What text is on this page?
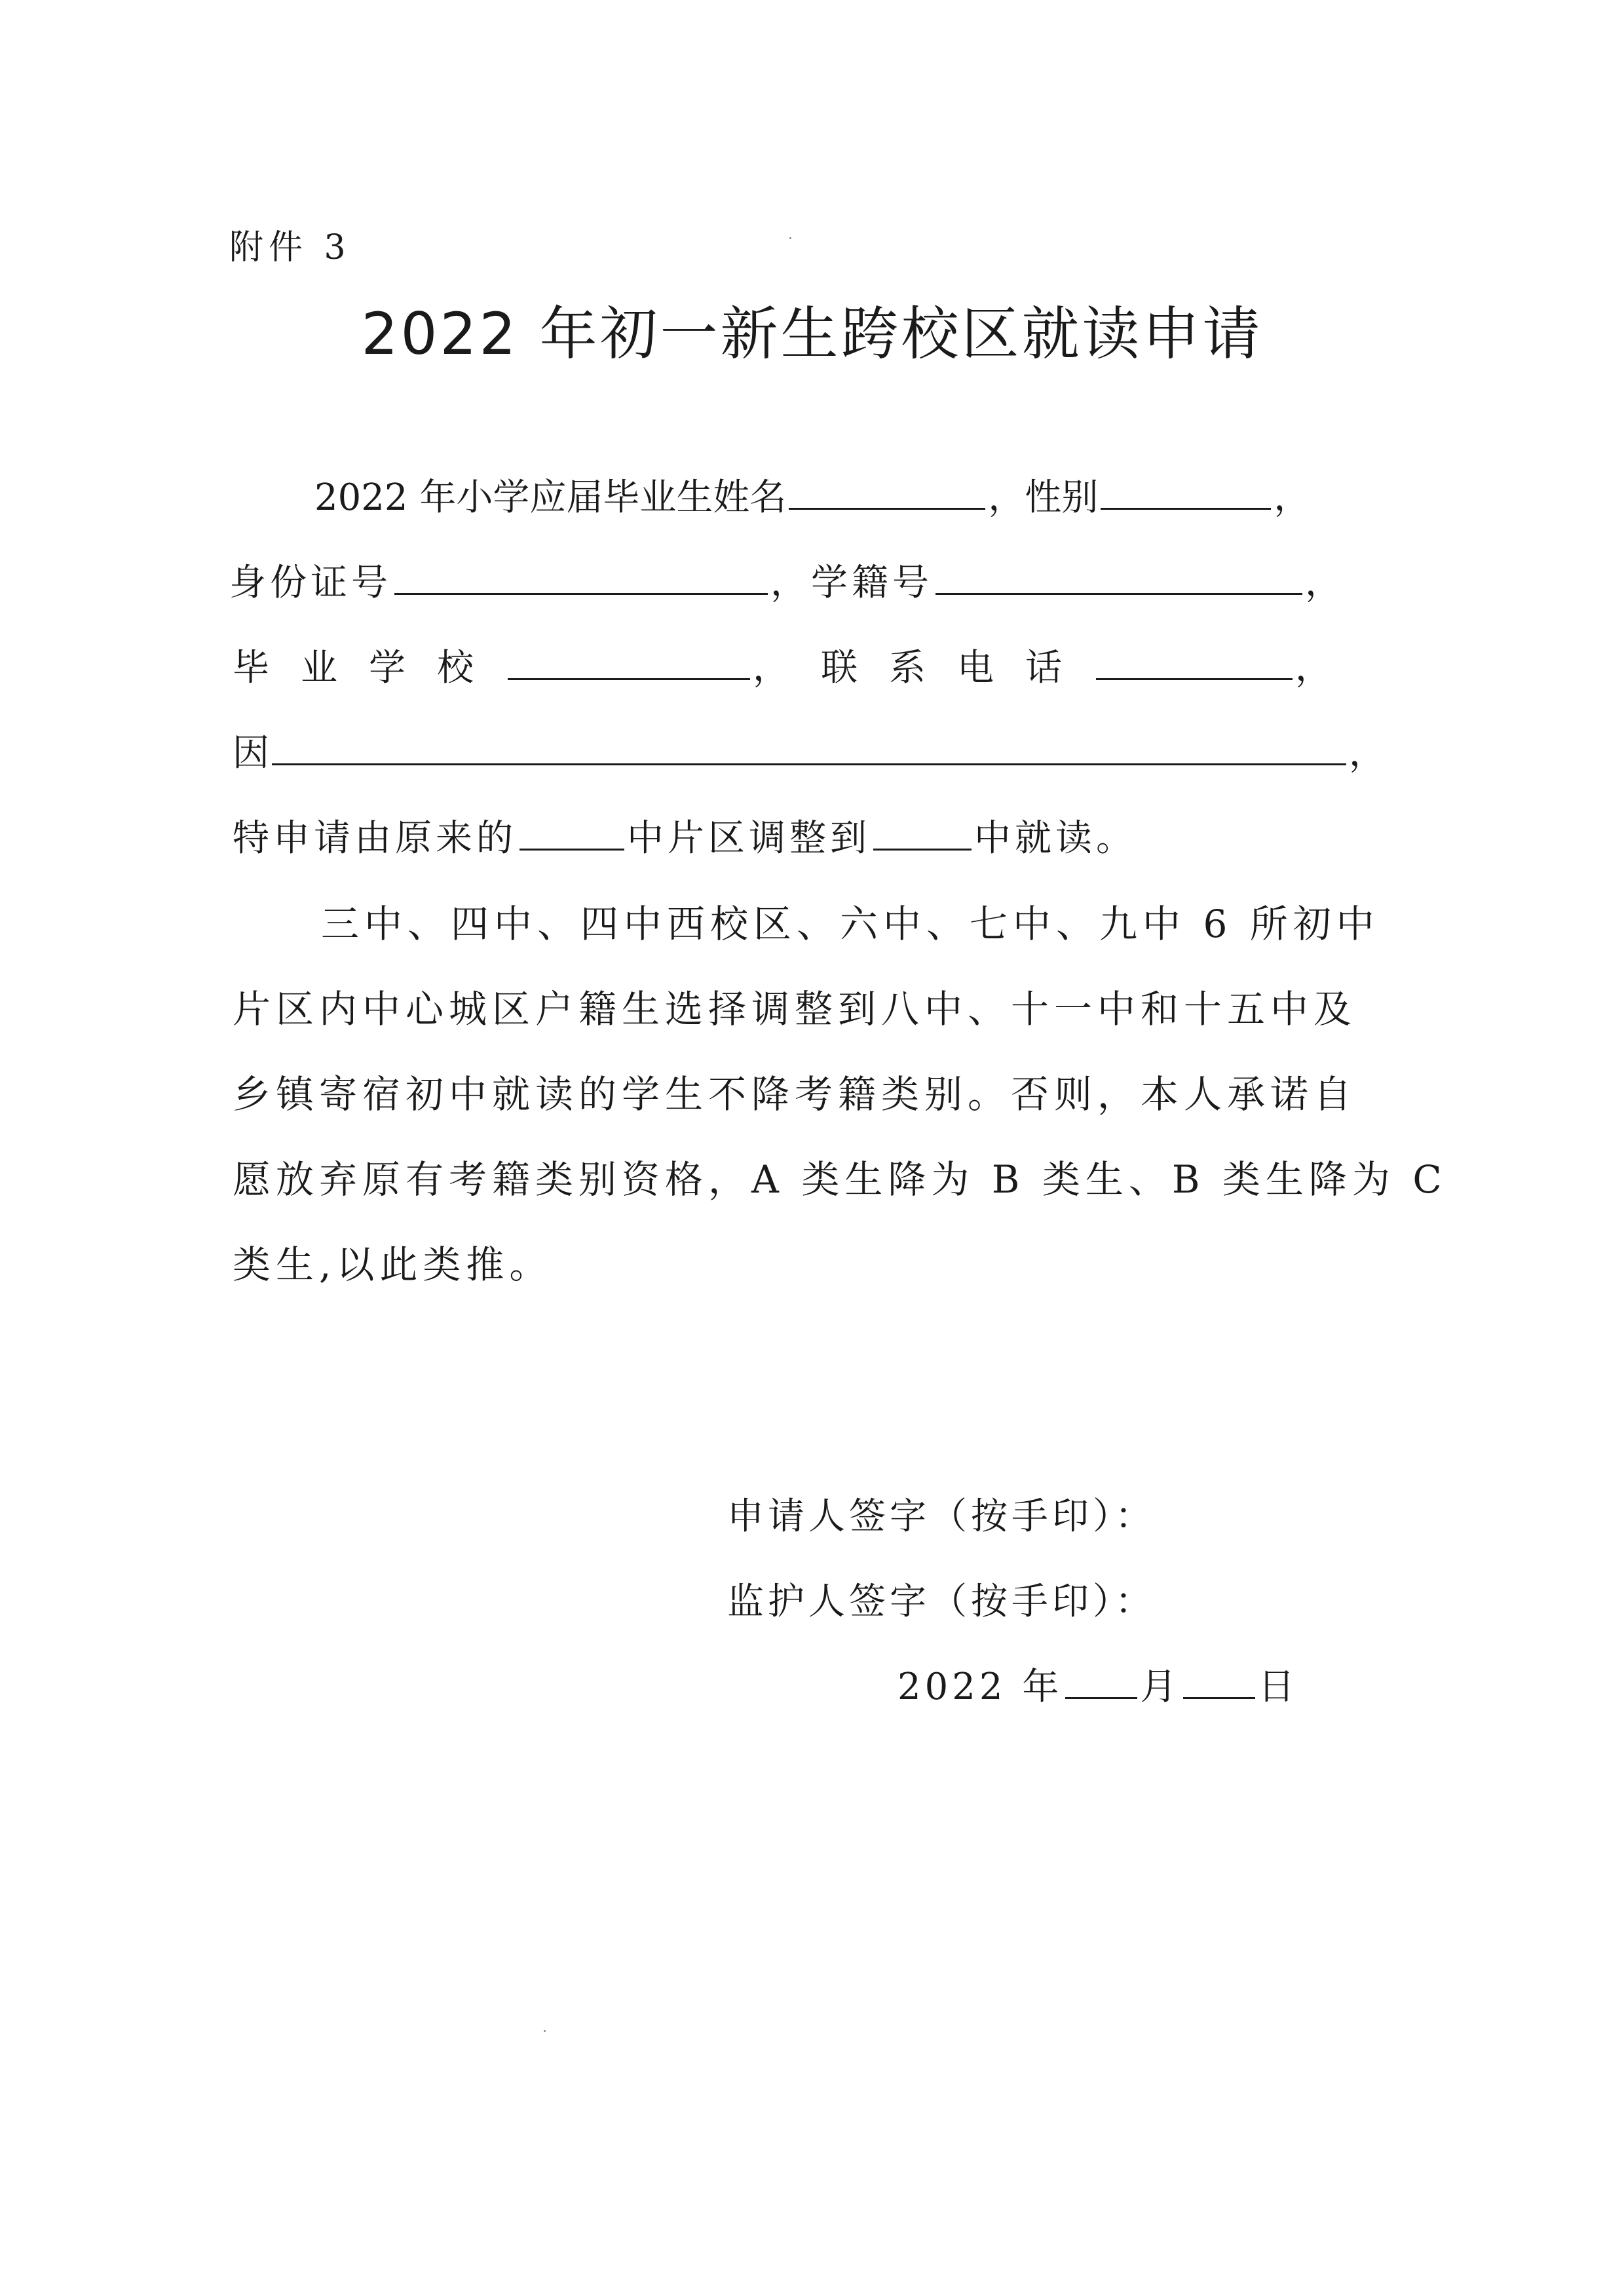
附件 3
2022 年初一新生跨校区就读申请
2022 年小学应届毕业生姓名	，性别	，
身份证号	，学籍号	，
毕业学校	，联系电话	，
因	，
特申请由原来的	中片区调整到	中就读。
三中、四中、四中西校区、六中、七中、九中 6 所初中
片区内中心城区户籍生选择调整到八中、十一中和十五中及
乡镇寄宿初中就读的学生不降考籍类别。否则，本人承诺自
愿放弃原有考籍类别资格，A 类生降为 B 类生、B 类生降为 C
类生,以此类推。
申请人签字（按手印）：
监护人签字（按手印）：
2022 年 月 日
